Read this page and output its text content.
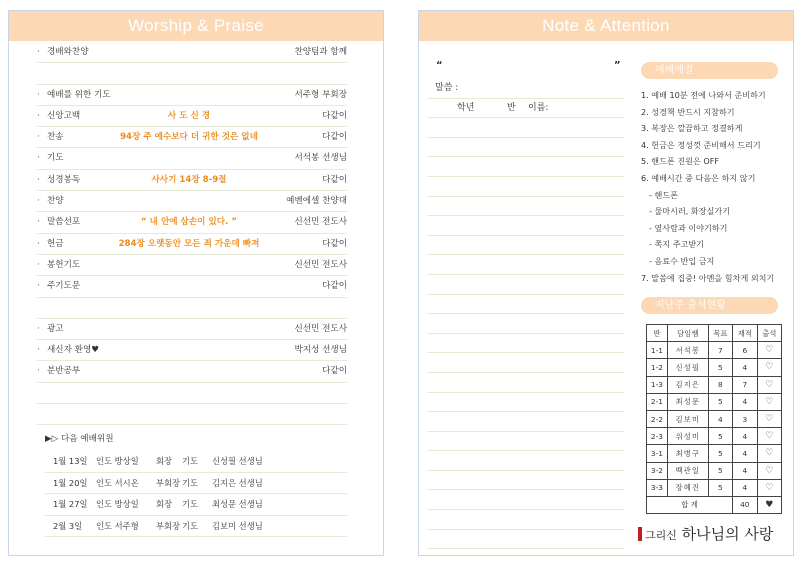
Worship & Praise
· 경배와찬양	찬양팀과 함께
· 예배를 위한 기도	서주형 부회장
· 신앙고백	사 도 신 경	다같이
· 찬송	94장 주 예수보다 더 귀한 것은 없네	다같이
· 기도	서석봉 선생님
· 성경봉독	사사기 14장 8-9절	다같이
· 찬양	예벤에셀 찬양대
· 말씀선포	“ 내 안에 삼손이 있다. ”	신선민 전도사
· 헌금	284장 오랫동안 모든 죄 가운데 빠져	다같이
· 봉헌기도	신선민 전도사
· 주기도문	다같이
· 광고	신선민 전도사
· 새신자 환영♥	박지성 선생님
· 분반공부	다같이
▶▷ 다음 예배위원
1월 13일 인도 방상일 회장 기도 신성필 선생님
1월 20일 인도 서시온 부회장 기도 김지은 선생님
1월 27일 인도 방상일 회장 기도 최성문 선생님
2월 3일 인도 서주형 부회장 기도 김보미 선생님
Note & Attention
“	”
말씀 :
학년	반 이름:
예배예절
1. 예배 10분 전에 나와서 준비하기
2. 성경책 반드시 지참하기
3. 복장은 깔끔하고 정결하게
4. 헌금은 정성껏 준비해서 드리기
5. 핸드폰 진원은 OFF
6. 예배시간 중 다음은 하지 않기
- 핸드폰
- 물마시러, 화장실가기
- 옆사람과 이야기하기
- 쪽지 주고받기
- 음료수 반입 금지
7. 말씀에 집중! 아멘을 힘차게 외치기
지난주 출석현황
반	담임쌤	목표	재적	출석
1-1	서석봉	7	6	♡
1-2	신성필	5	4	♡
1-3	김지은	8	7	♡
2-1	최성문	5	4	♡
2-2	김보미	4	3	♡
2-3	위성미	5	4	♡
3-1	최병구	5	4	♡
3-2	백관일	5	4	♡
3-3	장혜진	5	4	♡
합 계			40	♥
그리신 하나님의 사랑
